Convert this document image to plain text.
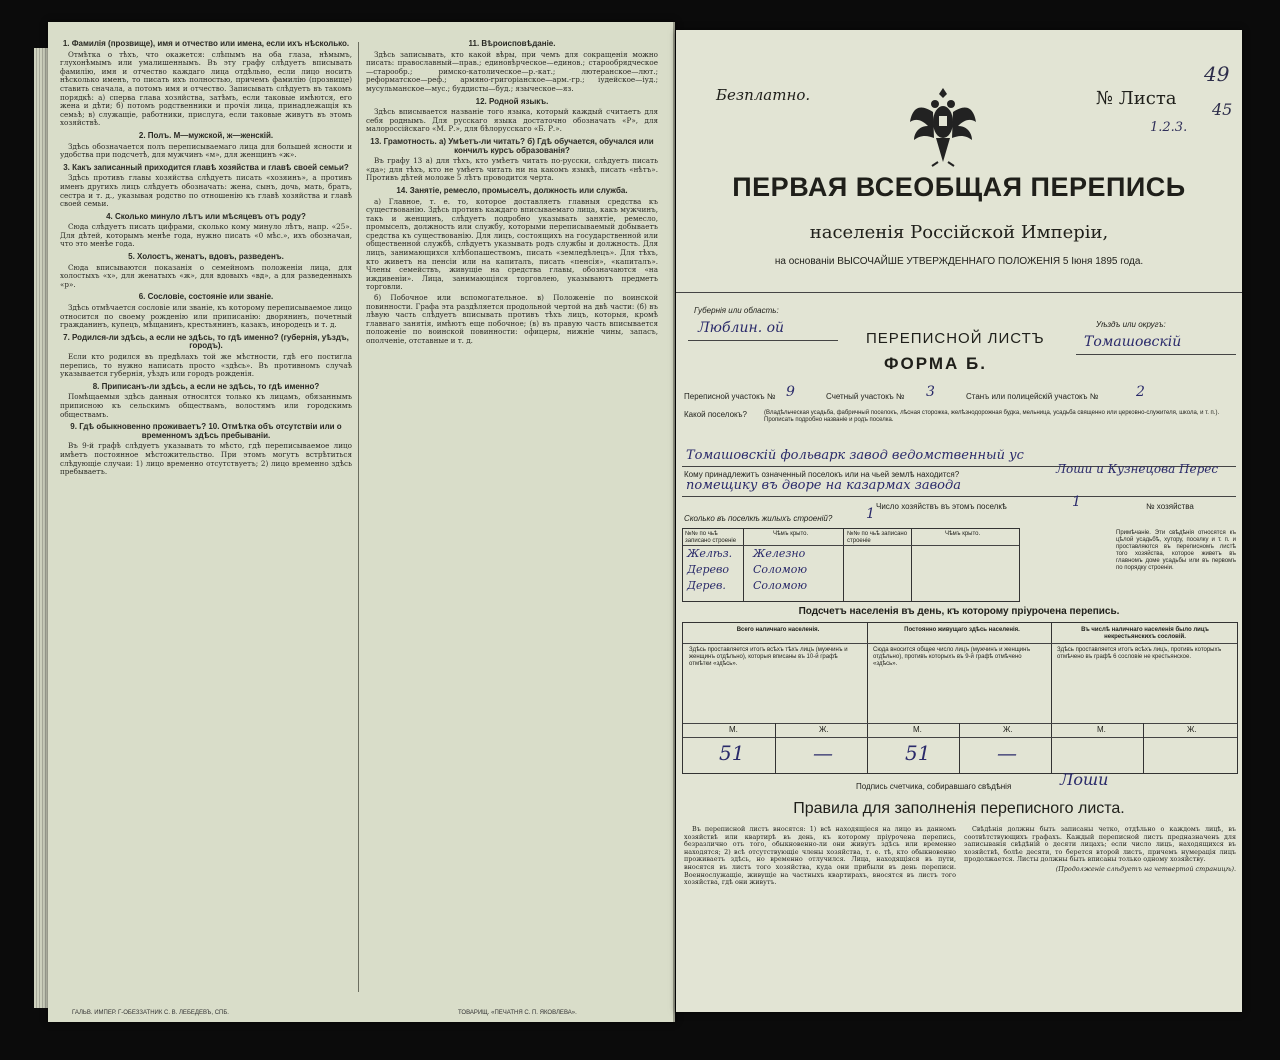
1. Фамилія (прозвище), имя и отчество или имена, если ихъ нѣсколько.

Отмѣтка о тѣхъ, что окажется: слѣпымъ на оба глаза, нѣмымъ, глухонѣмымъ или умалишеннымъ. Въ эту графу слѣдуетъ вписывать фамилію, имя и отчество каждаго лица отдѣльно, если лицо носитъ нѣсколько именъ, то писать ихъ полностью, причемъ фамилію (прозвище) ставить сначала, а потомъ имя и отчество. Записывать слѣдуетъ въ такомъ порядкѣ: а) сперва глава хозяйства, затѣмъ, если таковые имѣются, его жена и дѣти; б) потомъ родственники и прочія лица, принадлежащія къ семьѣ; в) служащіе, работники, прислуга, если таковые живутъ въ этомъ хозяйствѣ.

2. Полъ. М—мужской, ж—женскій.

Здѣсь обозначается полъ переписываемаго лица для большей ясности и удобства при подсчетѣ, для мужчинъ «м», для женщинъ «ж».

3. Какъ записанный приходится главѣ хозяйства и главѣ своей семьи?

Здѣсь противъ главы хозяйства слѣдуетъ писать «хозяинъ», а противъ именъ другихъ лицъ слѣдуетъ обозначать: жена, сынъ, дочь, мать, братъ, сестра и т. д., указывая родство по отношенію къ главѣ хозяйства и главѣ своей семьи.

4. Сколько минуло лѣтъ или мѣсяцевъ отъ роду?

Сюда слѣдуетъ писать цифрами, сколько кому минуло лѣтъ, напр. «25». Для дѣтей, которымъ менѣе года, нужно писать «0 мѣс.», ихъ обозначая, что это менѣе года.

5. Холостъ, женатъ, вдовъ, разведенъ.

Сюда вписываются показанія о семейномъ положеніи лица, для холостыхъ «х», для женатыхъ «ж», для вдовыхъ «вд», а для разведенныхъ «р».

6. Сословіе, состояніе или званіе.

Здѣсь отмѣчается сословіе или званіе, къ которому переписываемое лицо относится по своему рожденію или приписанію: дворянинъ, почетный гражданинъ, купецъ, мѣщанинъ, крестьянинъ, казакъ, инородецъ и т. д.

7. Родился-ли здѣсь, а если не здѣсь, то гдѣ именно? (губернія, уѣздъ, городъ).

Если кто родился въ предѣлахъ той же мѣстности, гдѣ его постигла перепись, то нужно написать просто «здѣсь». Въ противномъ случаѣ указывается губернія, уѣздъ или городъ рожденія.

8. Приписанъ-ли здѣсь, а если не здѣсь, то гдѣ именно?

Помѣщаемыя здѣсь данныя относятся только къ лицамъ, обязаннымъ приписною къ сельскимъ обществамъ, волостямъ или городскимъ обществамъ.

9. Гдѣ обыкновенно проживаетъ? 10. Отмѣтка объ отсутствіи или о временномъ здѣсь пребываніи.

Въ 9-й графѣ слѣдуетъ указывать то мѣсто, гдѣ переписываемое лицо имѣетъ постоянное мѣстожительство. При этомъ могутъ встрѣтиться слѣдующіе случаи: 1) лицо временно отсутствуетъ; 2) лицо временно здѣсь пребываетъ.

11. Вѣроисповѣданіе.

Здѣсь записывать, кто какой вѣры, при чемъ для сокращенія можно писать: православный—прав.; единовѣрческое—единов.; старообрядческое—старообр.; римско-католическое—р.-кат.; лютеранское—лют.; реформатское—реф.; армяно-григоріанское—арм.-гр.; іудейское—іуд.; мусульманское—мус.; буддисты—буд.; языческое—яз.

12. Родной языкъ.

Здѣсь вписывается названіе того языка, который каждый считаетъ для себя роднымъ. Для русскаго языка достаточно обозначать «Р», для малороссійскаго «М. Р.», для бѣлорусскаго «Б. Р.».

13. Грамотность. а) Умѣетъ-ли читать? б) Гдѣ обучается, обучался или кончилъ курсъ образованія?

Въ графу 13 а) для тѣхъ, кто умѣетъ читать по-русски, слѣдуетъ писать «да»; для тѣхъ, кто не умѣетъ читать ни на какомъ языкѣ, писать «нѣтъ». Противъ дѣтей моложе 5 лѣтъ проводится черта.

14. Занятіе, ремесло, промыселъ, должность или служба.

а) Главное, т. е. то, которое доставляетъ главныя средства къ существованію. Здѣсь противъ каждаго вписываемаго лица, какъ мужчинъ, такъ и женщинъ, слѣдуетъ подробно указывать занятіе, ремесло, промыселъ, должность или службу, которыми переписываемый добываетъ средства къ существованію. Для лицъ, состоящихъ на государственной или общественной службѣ, слѣдуетъ указывать родъ службы и должность. Для лицъ, занимающихся хлѣбопашествомъ, писать «земледѣлецъ». Для тѣхъ, кто живетъ на пенсіи или на капиталъ, писать «пенсія», «капиталъ». Члены семействъ, живущіе на средства главы, обозначаются «на иждивеніи». Лица, занимающіяся торговлею, указываютъ предметъ торговли.

б) Побочное или вспомогательное. в) Положеніе по воинской повинности. Графа эта раздѣляется продольной чертой на двѣ части: (б) въ лѣвую часть слѣдуетъ вписывать противъ тѣхъ лицъ, которыя, кромѣ главнаго занятія, имѣютъ еще побочное; (в) въ правую часть вписывается положеніе по воинской повинности: офицеры, нижніе чины, запасъ, ополченіе, отставные и т. д.

ГАЛЬВ. ИМПЕР. Г-ОБЕЗЗАТНИК С. В. ЛЕБЕДЕВЪ, СПБ.	ТОВАРИЩ. «ПЕЧАТНЯ С. П. ЯКОВЛЕВА».
Безплатно.	№ Листа
1.2.3.
49
45
ПЕРВАЯ ВСЕОБЩАЯ ПЕРЕПИСЬ
населенія Россійской Имперіи,
на основаніи ВЫСОЧАЙШЕ УТВЕРЖДЕННАГО ПОЛОЖЕНІЯ 5 Іюня 1895 года.
Губернія или область:
Люблин. ой
ПЕРЕПИСНОЙ ЛИСТЪ
ФОРМА Б.
Уѣздъ или округъ:
Томашовскій
Переписной участокъ № 9	Счетный участокъ № 3	Станъ или полицейскій участокъ №	2
Какой поселокъ?	(Владѣльческая усадьба, фабричный поселокъ, лѣсная сторожка, желѣзнодорожная будка, мельница, усадьба священно или церковно-служителя, школа, и т. п.). Прописать подробно названіе и родъ поселка.
Томашовскій фольварк завод ведомственный ус
Кому принадлежитъ означенный поселокъ или на чьей землѣ находится?	Лоши и Кузнецова Перес
помещику въ дворе на казармах завода
Число хозяйствъ въ этомъ поселкѣ	1	№ хозяйства
Сколько въ поселкѣ жилыхъ строеній? 1
№№ по чьѣ записано строеніе
Чѣмъ крыто.	№№ по чьѣ записано строеніе
Чѣмъ крыто.
Желѣз. Железно
Дерево Соломою
Дерев. Соломою
Примѣчаніе. Эти свѣдѣнія относятся къ цѣлой усадьбѣ, хутору, поселку и т. п. и проставляются въ переписномъ листѣ того хозяйства, которое живетъ въ главномъ доме усадьбы или въ первомъ по порядку строеніи.
Подсчетъ населенія въ день, къ которому пріурочена перепись.
Всего наличнаго населенія.	Постоянно живущаго здѣсь населенія.	Въ числѣ наличнаго населенія было лицъ некрестьянскихъ сословій.
Здѣсь проставляется итогъ всѣхъ тѣхъ лицъ (мужчинъ и женщинъ отдѣльно), которыя вписаны въ 10-й графѣ отмѣтки «здѣсь».
Сюда вносится общее число лицъ (мужчинъ и женщинъ отдѣльно), противъ которыхъ въ 9-й графѣ отмѣчено «здѣсь».
Здѣсь проставляется итогъ всѣхъ лицъ, противъ которыхъ отмѣчено въ графѣ 6 сословіе не крестьянское.
М.	Ж.	М.	Ж.	М.	Ж.
51	—	51	—
Подпись счетчика, собиравшаго свѣдѣнія	Лоши
Правила для заполненія переписного листа.

Въ переписной листъ вносятся: 1) всѣ находящіеся на лицо въ данномъ хозяйствѣ или квартирѣ въ день, къ которому пріурочена перепись, безразлично отъ того, обыкновенно-ли они живутъ здѣсь или временно находятся; 2) всѣ отсутствующіе члены хозяйства, т. е. тѣ, кто обыкновенно проживаетъ здѣсь, но временно отлучился. Лица, находящіяся въ пути, вносятся въ листъ того хозяйства, куда они прибыли въ день переписи. Военнослужащіе, живущіе на частныхъ квартирахъ, вносятся въ листъ того хозяйства, гдѣ они живутъ.

Свѣдѣнія должны быть записаны четко, отдѣльно о каждомъ лицѣ, въ соотвѣтствующихъ графахъ. Каждый переписной листъ предназначенъ для записыванія свѣдѣній о десяти лицахъ; если число лицъ, находящихся въ хозяйствѣ, болѣе десяти, то берется второй листъ, причемъ нумерація лицъ продолжается. Листы должны быть вписаны только одному хозяйству.

(Продолженіе слѣдуетъ на четвертой страницѣ).
